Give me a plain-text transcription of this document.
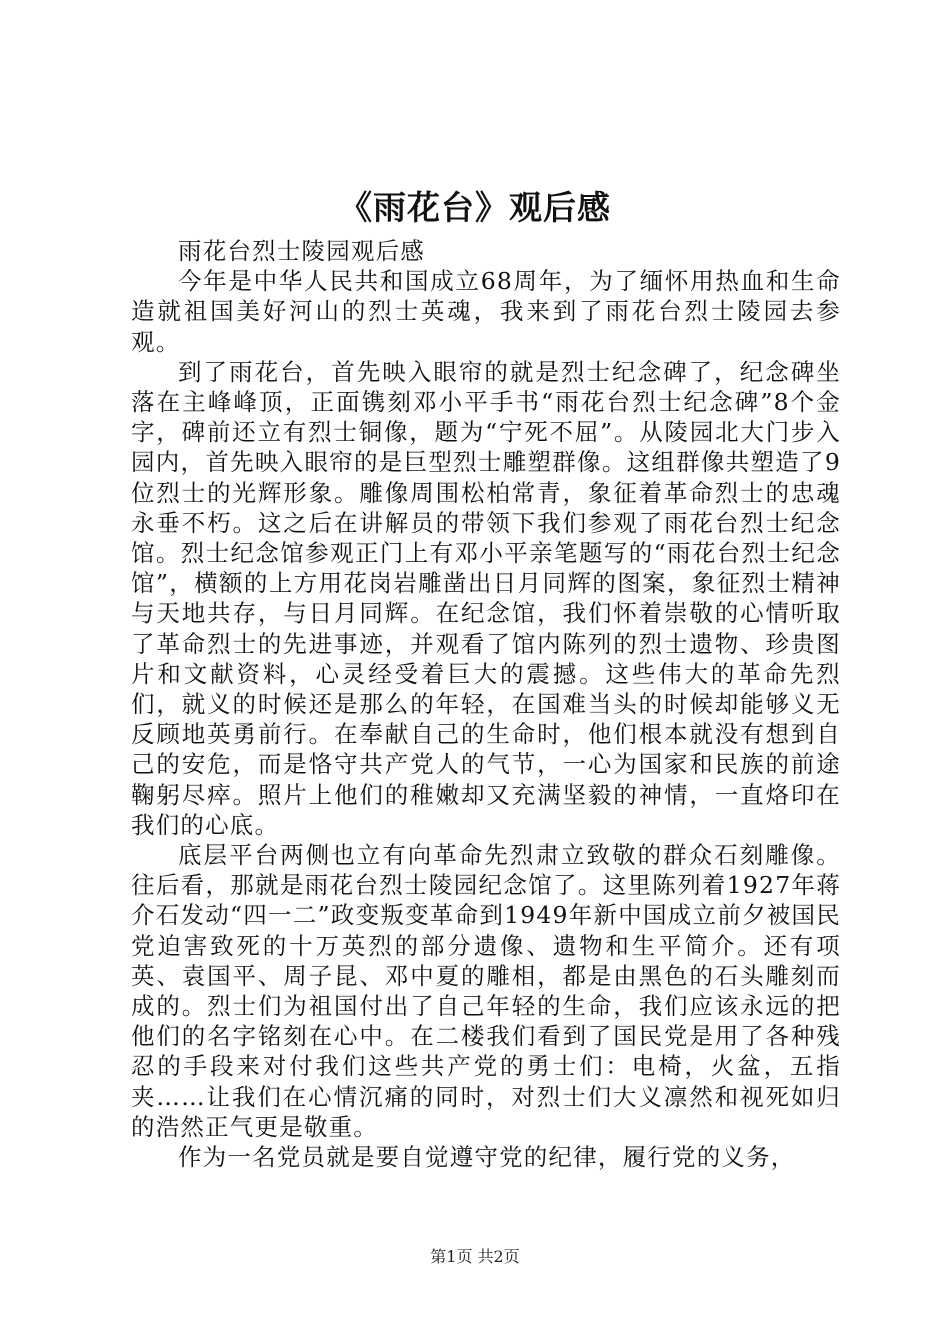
《雨花台》观后感

雨花台烈士陵园观后感

今年是中华人民共和国成立68周年，为了缅怀用热血和生命造就祖国美好河山的烈士英魂，我来到了雨花台烈士陵园去参观。

到了雨花台，首先映入眼帘的就是烈士纪念碑了，纪念碑坐落在主峰峰顶，正面镌刻邓小平手书“雨花台烈士纪念碑”8个金字，碑前还立有烈士铜像，题为“宁死不屈”。从陵园北大门步入园内，首先映入眼帘的是巨型烈士雕塑群像。这组群像共塑造了9位烈士的光辉形象。雕像周围松柏常青，象征着革命烈士的忠魂永垂不朽。这之后在讲解员的带领下我们参观了雨花台烈士纪念馆。烈士纪念馆参观正门上有邓小平亲笔题写的“雨花台烈士纪念馆”，横额的上方用花岗岩雕凿出日月同辉的图案，象征烈士精神与天地共存，与日月同辉。在纪念馆，我们怀着崇敬的心情听取了革命烈士的先进事迹，并观看了馆内陈列的烈士遗物、珍贵图片和文献资料，心灵经受着巨大的震撼。这些伟大的革命先烈们，就义的时候还是那么的年轻，在国难当头的时候却能够义无反顾地英勇前行。在奉献自己的生命时，他们根本就没有想到自己的安危，而是恪守共产党人的气节，一心为国家和民族的前途鞠躬尽瘁。照片上他们的稚嫩却又充满坚毅的神情，一直烙印在我们的心底。

底层平台两侧也立有向革命先烈肃立致敬的群众石刻雕像。往后看，那就是雨花台烈士陵园纪念馆了。这里陈列着1927年蒋介石发动“四一二”政变叛变革命到1949年新中国成立前夕被国民党迫害致死的十万英烈的部分遗像、遗物和生平简介。还有项英、袁国平、周子昆、邓中夏的雕相，都是由黑色的石头雕刻而成的。烈士们为祖国付出了自己年轻的生命，我们应该永远的把他们的名字铭刻在心中。在二楼我们看到了国民党是用了各种残忍的手段来对付我们这些共产党的勇士们：电椅，火盆，五指夹……让我们在心情沉痛的同时，对烈士们大义凛然和视死如归的浩然正气更是敬重。

作为一名党员就是要自觉遵守党的纪律，履行党的义务，

第1页 共2页
